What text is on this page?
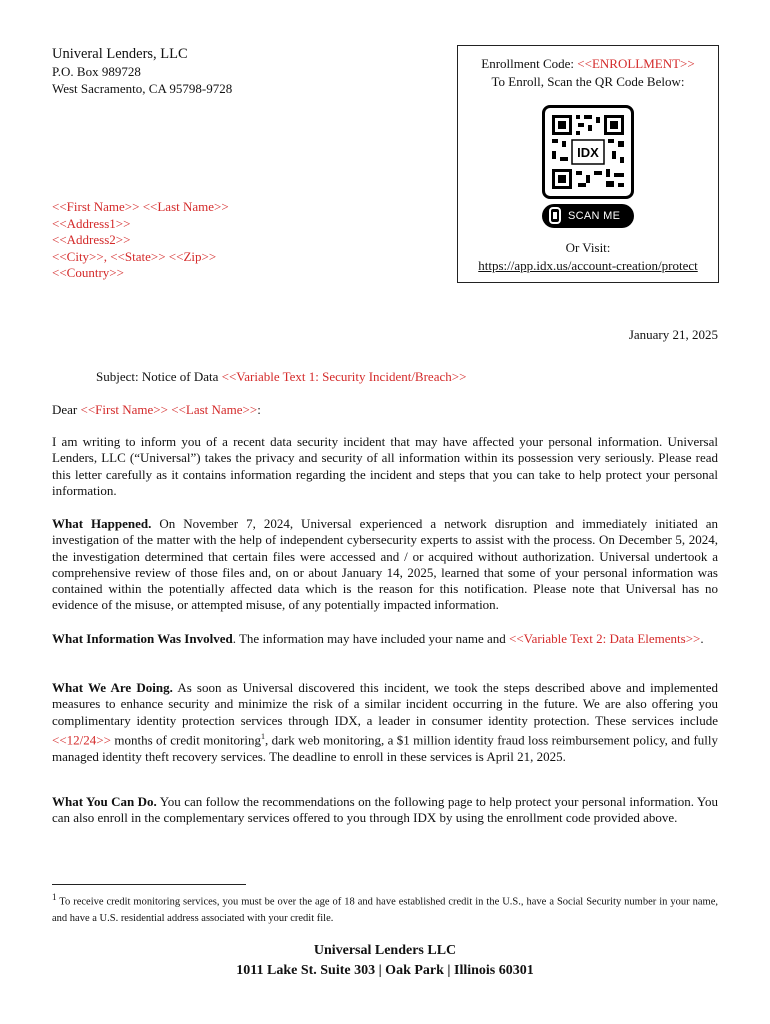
Univeral Lenders, LLC
P.O. Box 989728
West Sacramento, CA 95798-9728
<<First Name>> <<Last Name>>
<<Address1>>
<<Address2>>
<<City>>, <<State>> <<Zip>>
<<Country>>
Enrollment Code: <<ENROLLMENT>>
To Enroll, Scan the QR Code Below:
IDX
SCAN ME
Or Visit:
https://app.idx.us/account-creation/protect
January 21, 2025
Subject: Notice of Data <<Variable Text 1: Security Incident/Breach>>
Dear <<First Name>> <<Last Name>>:

I am writing to inform you of a recent data security incident that may have affected your personal information. Universal Lenders, LLC (“Universal”) takes the privacy and security of all information within its possession very seriously. Please read this letter carefully as it contains information regarding the incident and steps that you can take to help protect your personal information.

What Happened. On November 7, 2024, Universal experienced a network disruption and immediately initiated an investigation of the matter with the help of independent cybersecurity experts to assist with the process. On December 5, 2024, the investigation determined that certain files were accessed and / or acquired without authorization. Universal undertook a comprehensive review of those files and, on or about January 14, 2025, learned that some of your personal information was contained within the potentially affected data which is the reason for this notification. Please note that Universal has no evidence of the misuse, or attempted misuse, of any potentially impacted information.

What Information Was Involved. The information may have included your name and <<Variable Text 2: Data Elements>>.

What We Are Doing. As soon as Universal discovered this incident, we took the steps described above and implemented measures to enhance security and minimize the risk of a similar incident occurring in the future. We are also offering you complimentary identity protection services through IDX, a leader in consumer identity protection. These services include <<12/24>> months of credit monitoring$^1$, dark web monitoring, a $1 million identity fraud loss reimbursement policy, and fully managed identity theft recovery services. The deadline to enroll in these services is April 21, 2025.

What You Can Do. You can follow the recommendations on the following page to help protect your personal information. You can also enroll in the complementary services offered to you through IDX by using the enrollment code provided above.

$^1$ To receive credit monitoring services, you must be over the age of 18 and have established credit in the U.S., have a Social Security number in your name, and have a U.S. residential address associated with your credit file.

Universal Lenders LLC
1011 Lake St. Suite 303 | Oak Park | Illinois 60301
